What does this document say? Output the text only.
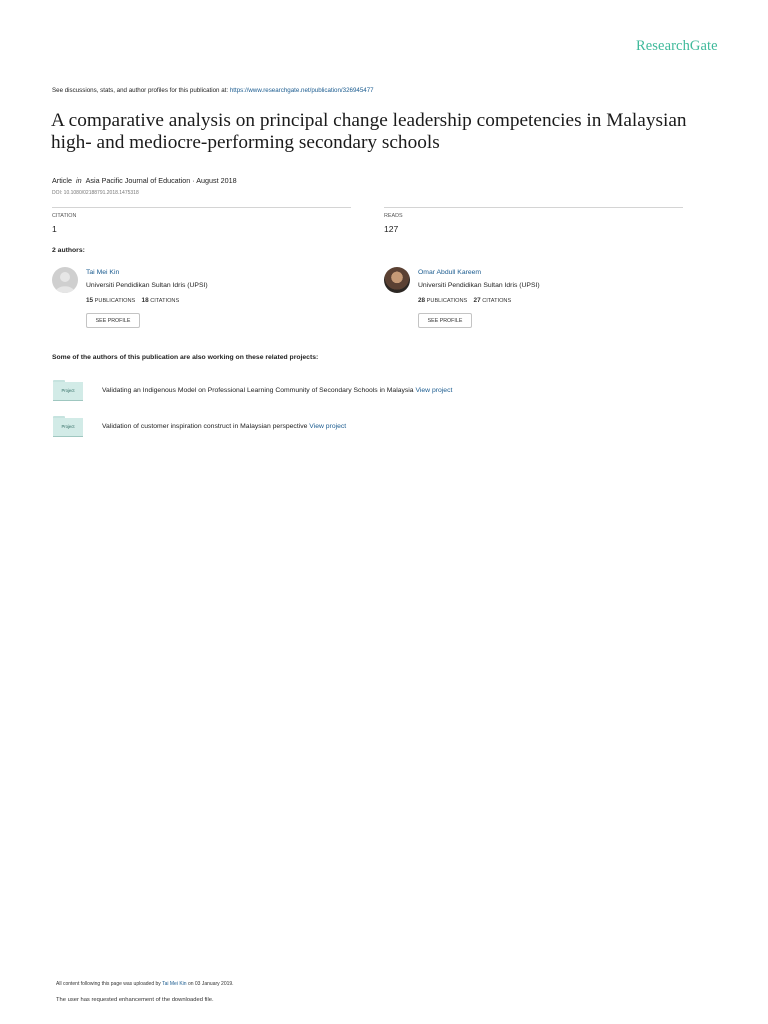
ResearchGate
See discussions, stats, and author profiles for this publication at: https://www.researchgate.net/publication/326945477
A comparative analysis on principal change leadership competencies in Malaysian high- and mediocre-performing secondary schools
Article in Asia Pacific Journal of Education · August 2018
DOI: 10.1080/02188791.2018.1475318
CITATION
1
READS
127
2 authors:
Tai Mei Kin
Universiti Pendidikan Sultan Idris (UPSI)
15 PUBLICATIONS 18 CITATIONS
SEE PROFILE
Omar Abdull Kareem
Universiti Pendidikan Sultan Idris (UPSI)
28 PUBLICATIONS 27 CITATIONS
SEE PROFILE
Some of the authors of this publication are also working on these related projects:
Project	Validating an Indigenous Model on Professional Learning Community of Secondary Schools in Malaysia View project
Project	Validation of customer inspiration construct in Malaysian perspective View project
All content following this page was uploaded by Tai Mei Kin on 03 January 2019.
The user has requested enhancement of the downloaded file.
